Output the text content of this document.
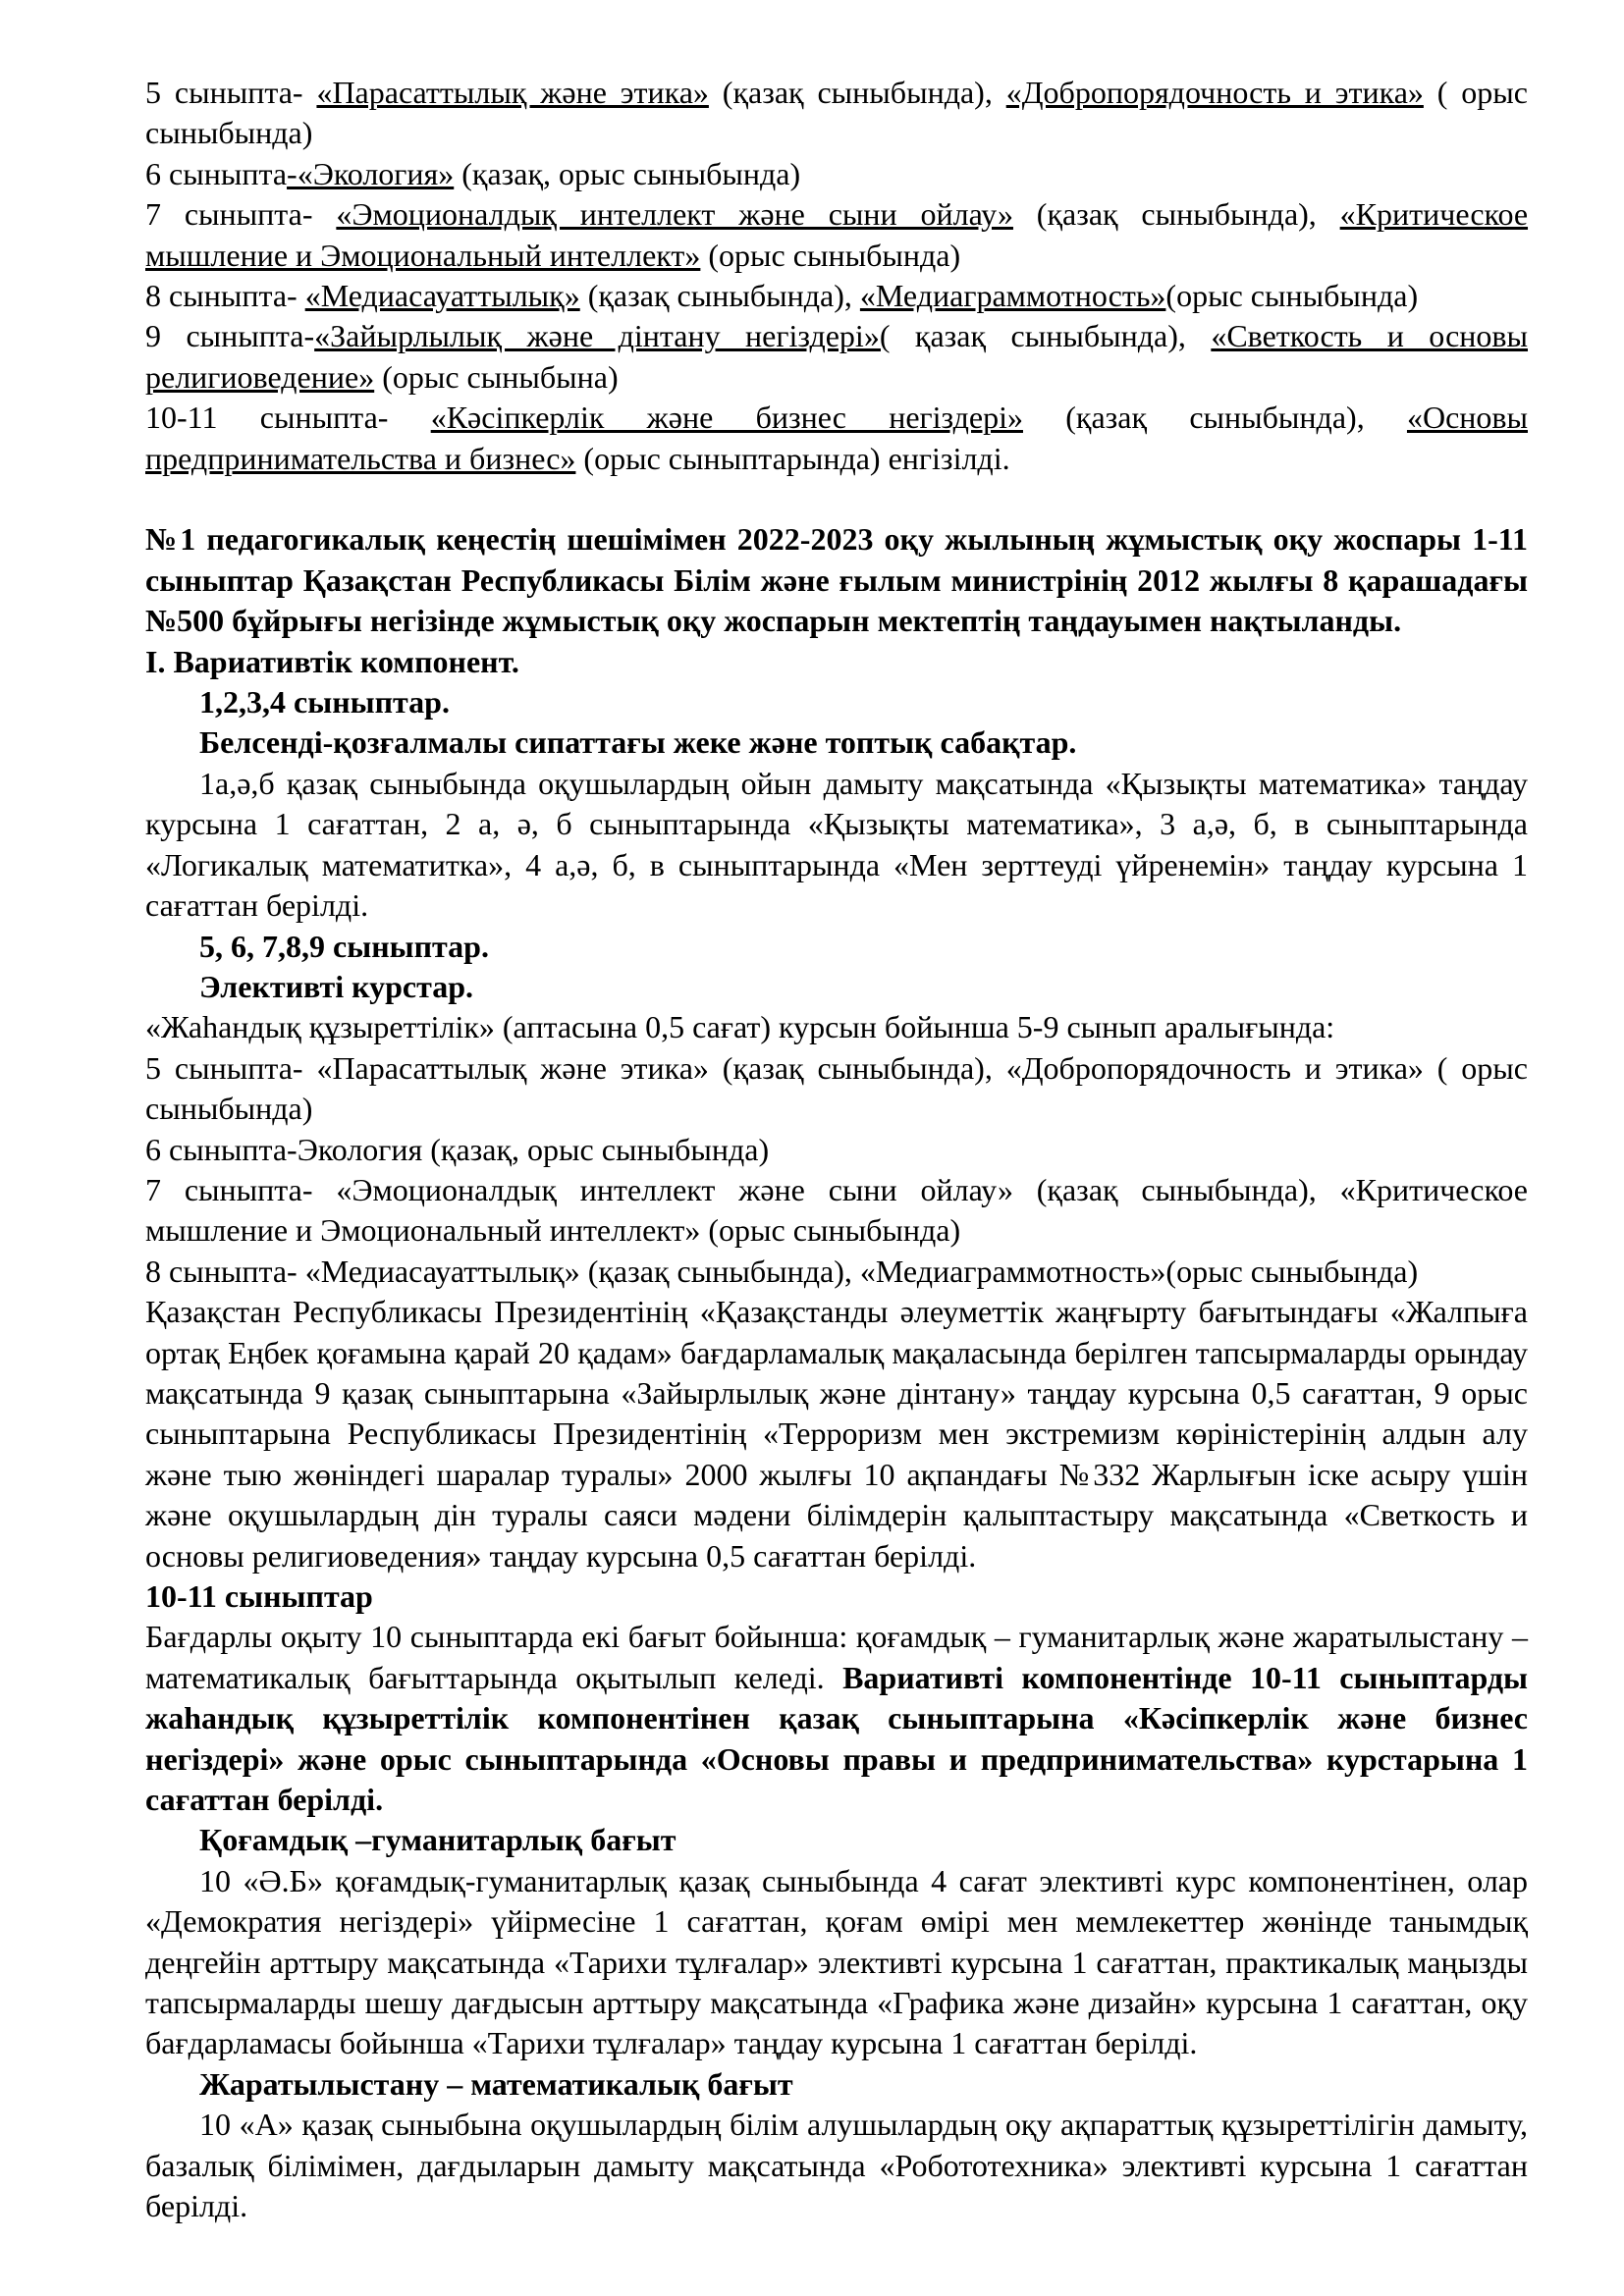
5 сыныпта- «Парасаттылық және этика» (қазақ сыныбында), «Добропорядочность и этика» ( орыс сыныбында)

6 сыныпта-«Экология» (қазақ, орыс сыныбында)

7 сыныпта- «Эмоционалдық интеллект және сыни ойлау» (қазақ сыныбында), «Критическое мышление и Эмоциональный интеллект» (орыс сыныбында)

8 сыныпта- «Медиасауаттылық» (қазақ сыныбында), «Медиаграммотность»(орыс сыныбында)

9 сыныпта-«Зайырлылық және дінтану негіздері»( қазақ сыныбында), «Светкость и основы религиоведение» (орыс сыныбына)

10-11 сыныпта- «Кәсіпкерлік және бизнес негіздері» (қазақ сыныбында), «Основы предпринимательства и бизнес» (орыс сыныптарында) енгізілді.

№1 педагогикалық кеңестің шешімімен 2022-2023 оқу жылының жұмыстық оқу жоспары 1-11 сыныптар Қазақстан Республикасы Білім және ғылым министрінің 2012 жылғы 8 қарашадағы №500 бұйрығы негізінде жұмыстық оқу жоспарын мектептің таңдауымен нақтыланды.

I. Вариативтік компонент.

1,2,3,4 сыныптар.

Белсенді-қозғалмалы сипаттағы жеке және топтық сабақтар.

1а,ә,б қазақ сыныбында оқушылардың ойын дамыту мақсатында «Қызықты математика» таңдау курсына 1 сағаттан, 2 а, ә, б сыныптарында «Қызықты математика», 3 а,ә, б, в сыныптарында «Логикалық математитка», 4 а,ә, б, в сыныптарында «Мен зерттеуді үйренемін» таңдау курсына 1 сағаттан берілді.

5, 6, 7,8,9 сыныптар.

Элективті курстар.

«Жаһандық құзыреттілік» (аптасына 0,5 сағат) курсын бойынша 5-9 сынып аралығында:

5 сыныпта- «Парасаттылық және этика» (қазақ сыныбында), «Добропорядочность и этика» ( орыс сыныбында)

6 сыныпта-Экология (қазақ, орыс сыныбында)

7 сыныпта- «Эмоционалдық интеллект және сыни ойлау» (қазақ сыныбында), «Критическое мышление и Эмоциональный интеллект» (орыс сыныбында)

8 сыныпта- «Медиасауаттылық» (қазақ сыныбында), «Медиаграммотность»(орыс сыныбында)

Қазақстан Республикасы Президентінің «Қазақстанды әлеуметтік жаңғырту бағытындағы «Жалпыға ортақ Еңбек қоғамына қарай 20 қадам» бағдарламалық мақаласында берілген тапсырмаларды орындау мақсатында 9 қазақ сыныптарына «Зайырлылық және дінтану» таңдау курсына 0,5 сағаттан, 9 орыс сыныптарына Республикасы Президентінің «Терроризм мен экстремизм көріністерінің алдын алу және тыю жөніндегі шаралар туралы» 2000 жылғы 10 ақпандағы №332 Жарлығын іске асыру үшін және оқушылардың дін туралы саяси мәдени білімдерін қалыптастыру мақсатында «Светкость и основы религиоведения» таңдау курсына 0,5 сағаттан берілді.

10-11 сыныптар

Бағдарлы оқыту 10 сыныптарда екі бағыт бойынша: қоғамдық – гуманитарлық және жаратылыстану – математикалық бағыттарында оқытылып келеді. Вариативті компонентінде 10-11 сыныптарды жаһандық құзыреттілік компонентінен қазақ сыныптарына «Кәсіпкерлік және бизнес негіздері» және орыс сыныптарында «Основы правы и предпринимательства» курстарына 1 сағаттан берілді.

Қоғамдық –гуманитарлық бағыт

10 «Ә.Б» қоғамдық-гуманитарлық қазақ сыныбында 4 сағат элективті курс компонентінен, олар «Демократия негіздері» үйірмесіне 1 сағаттан, қоғам өмірі мен мемлекеттер жөнінде танымдық деңгейін арттыру мақсатында «Тарихи тұлғалар» элективті курсына 1 сағаттан, практикалық маңызды тапсырмаларды шешу дағдысын арттыру мақсатында «Графика және дизайн» курсына 1 сағаттан, оқу бағдарламасы бойынша «Тарихи тұлғалар» таңдау курсына 1 сағаттан берілді.

Жаратылыстану – математикалық бағыт

10 «А» қазақ сыныбына оқушылардың білім алушылардың оқу ақпараттық құзыреттілігін дамыту, базалық білімімен, дағдыларын дамыту мақсатында «Робототехника» элективті курсына 1 сағаттан берілді.
